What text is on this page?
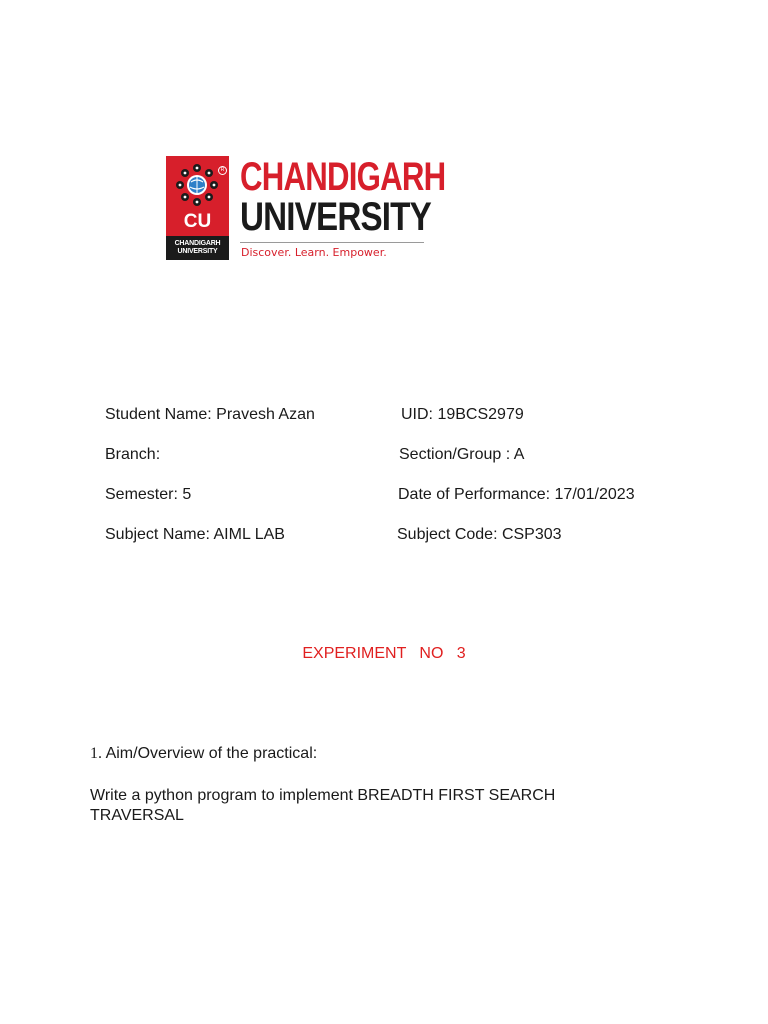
R
CU
CHANDIGARH
UNIVERSITY
CHANDIGARH
UNIVERSITY
Discover. Learn. Empower.
Student Name: Pravesh Azan	UID: 19BCS2979
Branch:	Section/Group : A
Semester: 5	Date of Performance: 17/01/2023
Subject Name: AIML LAB	Subject Code: CSP303
EXPERIMENT   NO   3
1. Aim/Overview of the practical:
Write a python program to implement BREADTH FIRST SEARCH TRAVERSAL
